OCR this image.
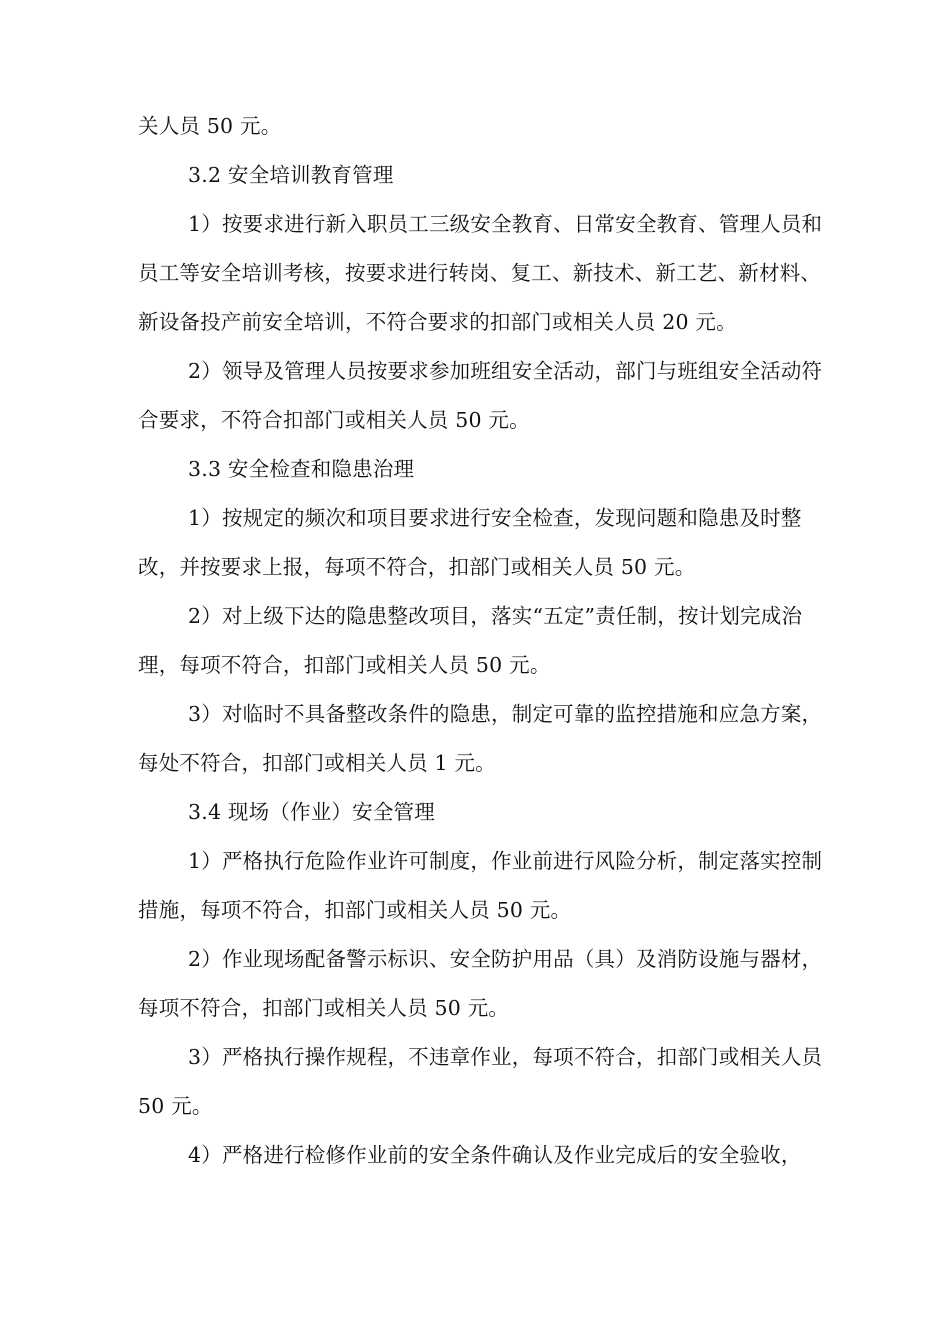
关人员 50 元。

3.2 安全培训教育管理

1）按要求进行新入职员工三级安全教育、日常安全教育、管理人员和员工等安全培训考核，按要求进行转岗、复工、新技术、新工艺、新材料、新设备投产前安全培训，不符合要求的扣部门或相关人员 20 元。

2）领导及管理人员按要求参加班组安全活动，部门与班组安全活动符合要求，不符合扣部门或相关人员 50 元。

3.3 安全检查和隐患治理

1）按规定的频次和项目要求进行安全检查，发现问题和隐患及时整改，并按要求上报，每项不符合，扣部门或相关人员 50 元。

2）对上级下达的隐患整改项目，落实“五定”责任制，按计划完成治理，每项不符合，扣部门或相关人员 50 元。

3）对临时不具备整改条件的隐患，制定可靠的监控措施和应急方案，每处不符合，扣部门或相关人员 1 元。

3.4 现场（作业）安全管理

1）严格执行危险作业许可制度，作业前进行风险分析，制定落实控制措施，每项不符合，扣部门或相关人员 50 元。

2）作业现场配备警示标识、安全防护用品（具）及消防设施与器材，每项不符合，扣部门或相关人员 50 元。

3）严格执行操作规程，不违章作业，每项不符合，扣部门或相关人员 50 元。

4）严格进行检修作业前的安全条件确认及作业完成后的安全验收，
